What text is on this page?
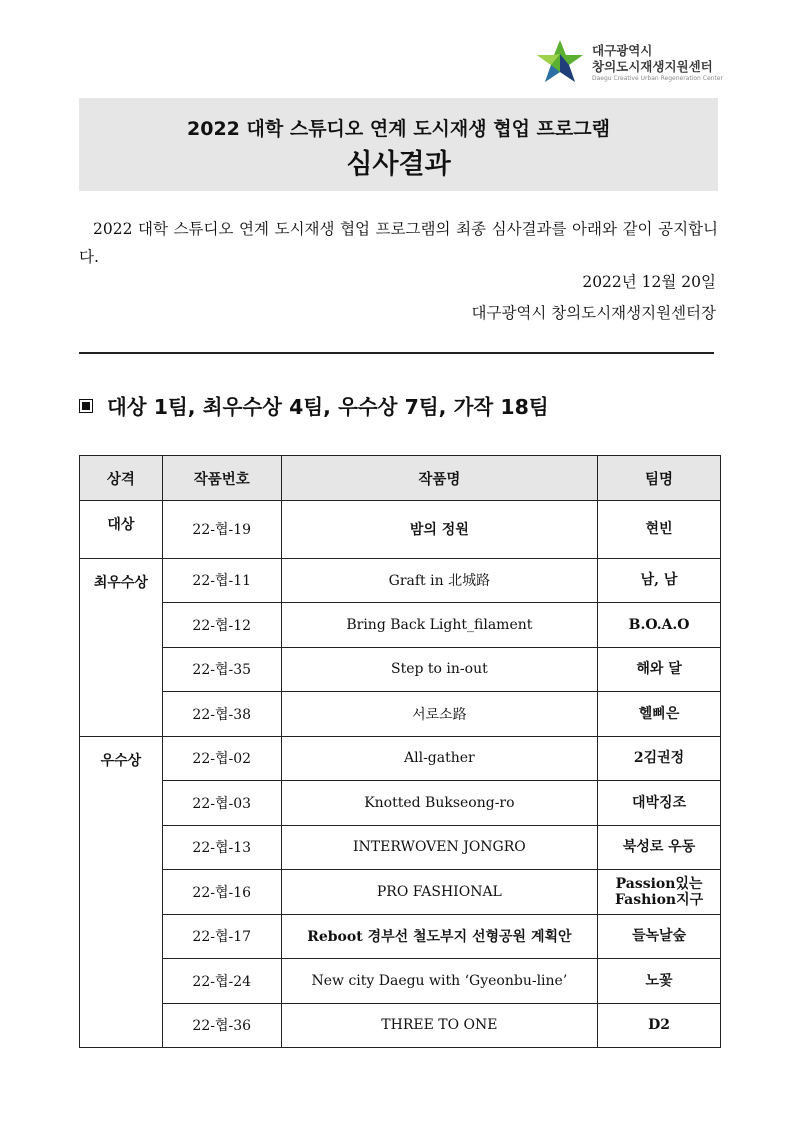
대구광역시
창의도시재생지원센터
Daegu Creative Urban Regeneration Center
2022 대학 스튜디오 연계 도시재생 협업 프로그램
심사결과
2022 대학 스튜디오 연계 도시재생 협업 프로그램의 최종 심사결과를 아래와 같이 공지합니다.
2022년 12월 20일
대구광역시 창의도시재생지원센터장
대상 1팀, 최우수상 4팀, 우수상 7팀, 가작 18팀
상격	작품번호	작품명	팀명
대상	22-협-19	밤의 정원	현빈
최우수상	22-협-11	Graft in 北城路	남, 남
	22-협-12	Bring Back Light_filament	B.O.A.O
	22-협-35	Step to in-out	해와 달
	22-협-38	서로소路	헬삐은
우수상	22-협-02	All-gather	2김권정
	22-협-03	Knotted Bukseong-ro	대박징조
	22-협-13	INTERWOVEN JONGRO	북성로 우동
	22-협-16	PRO FASHIONAL	Passion있는 Fashion지구
	22-협-17	Reboot 경부선 철도부지 선형공원 계획안	들녹날숲
	22-협-24	New city Daegu with ‘Gyeonbu-line’	노꽃
	22-협-36	THREE TO ONE	D2
